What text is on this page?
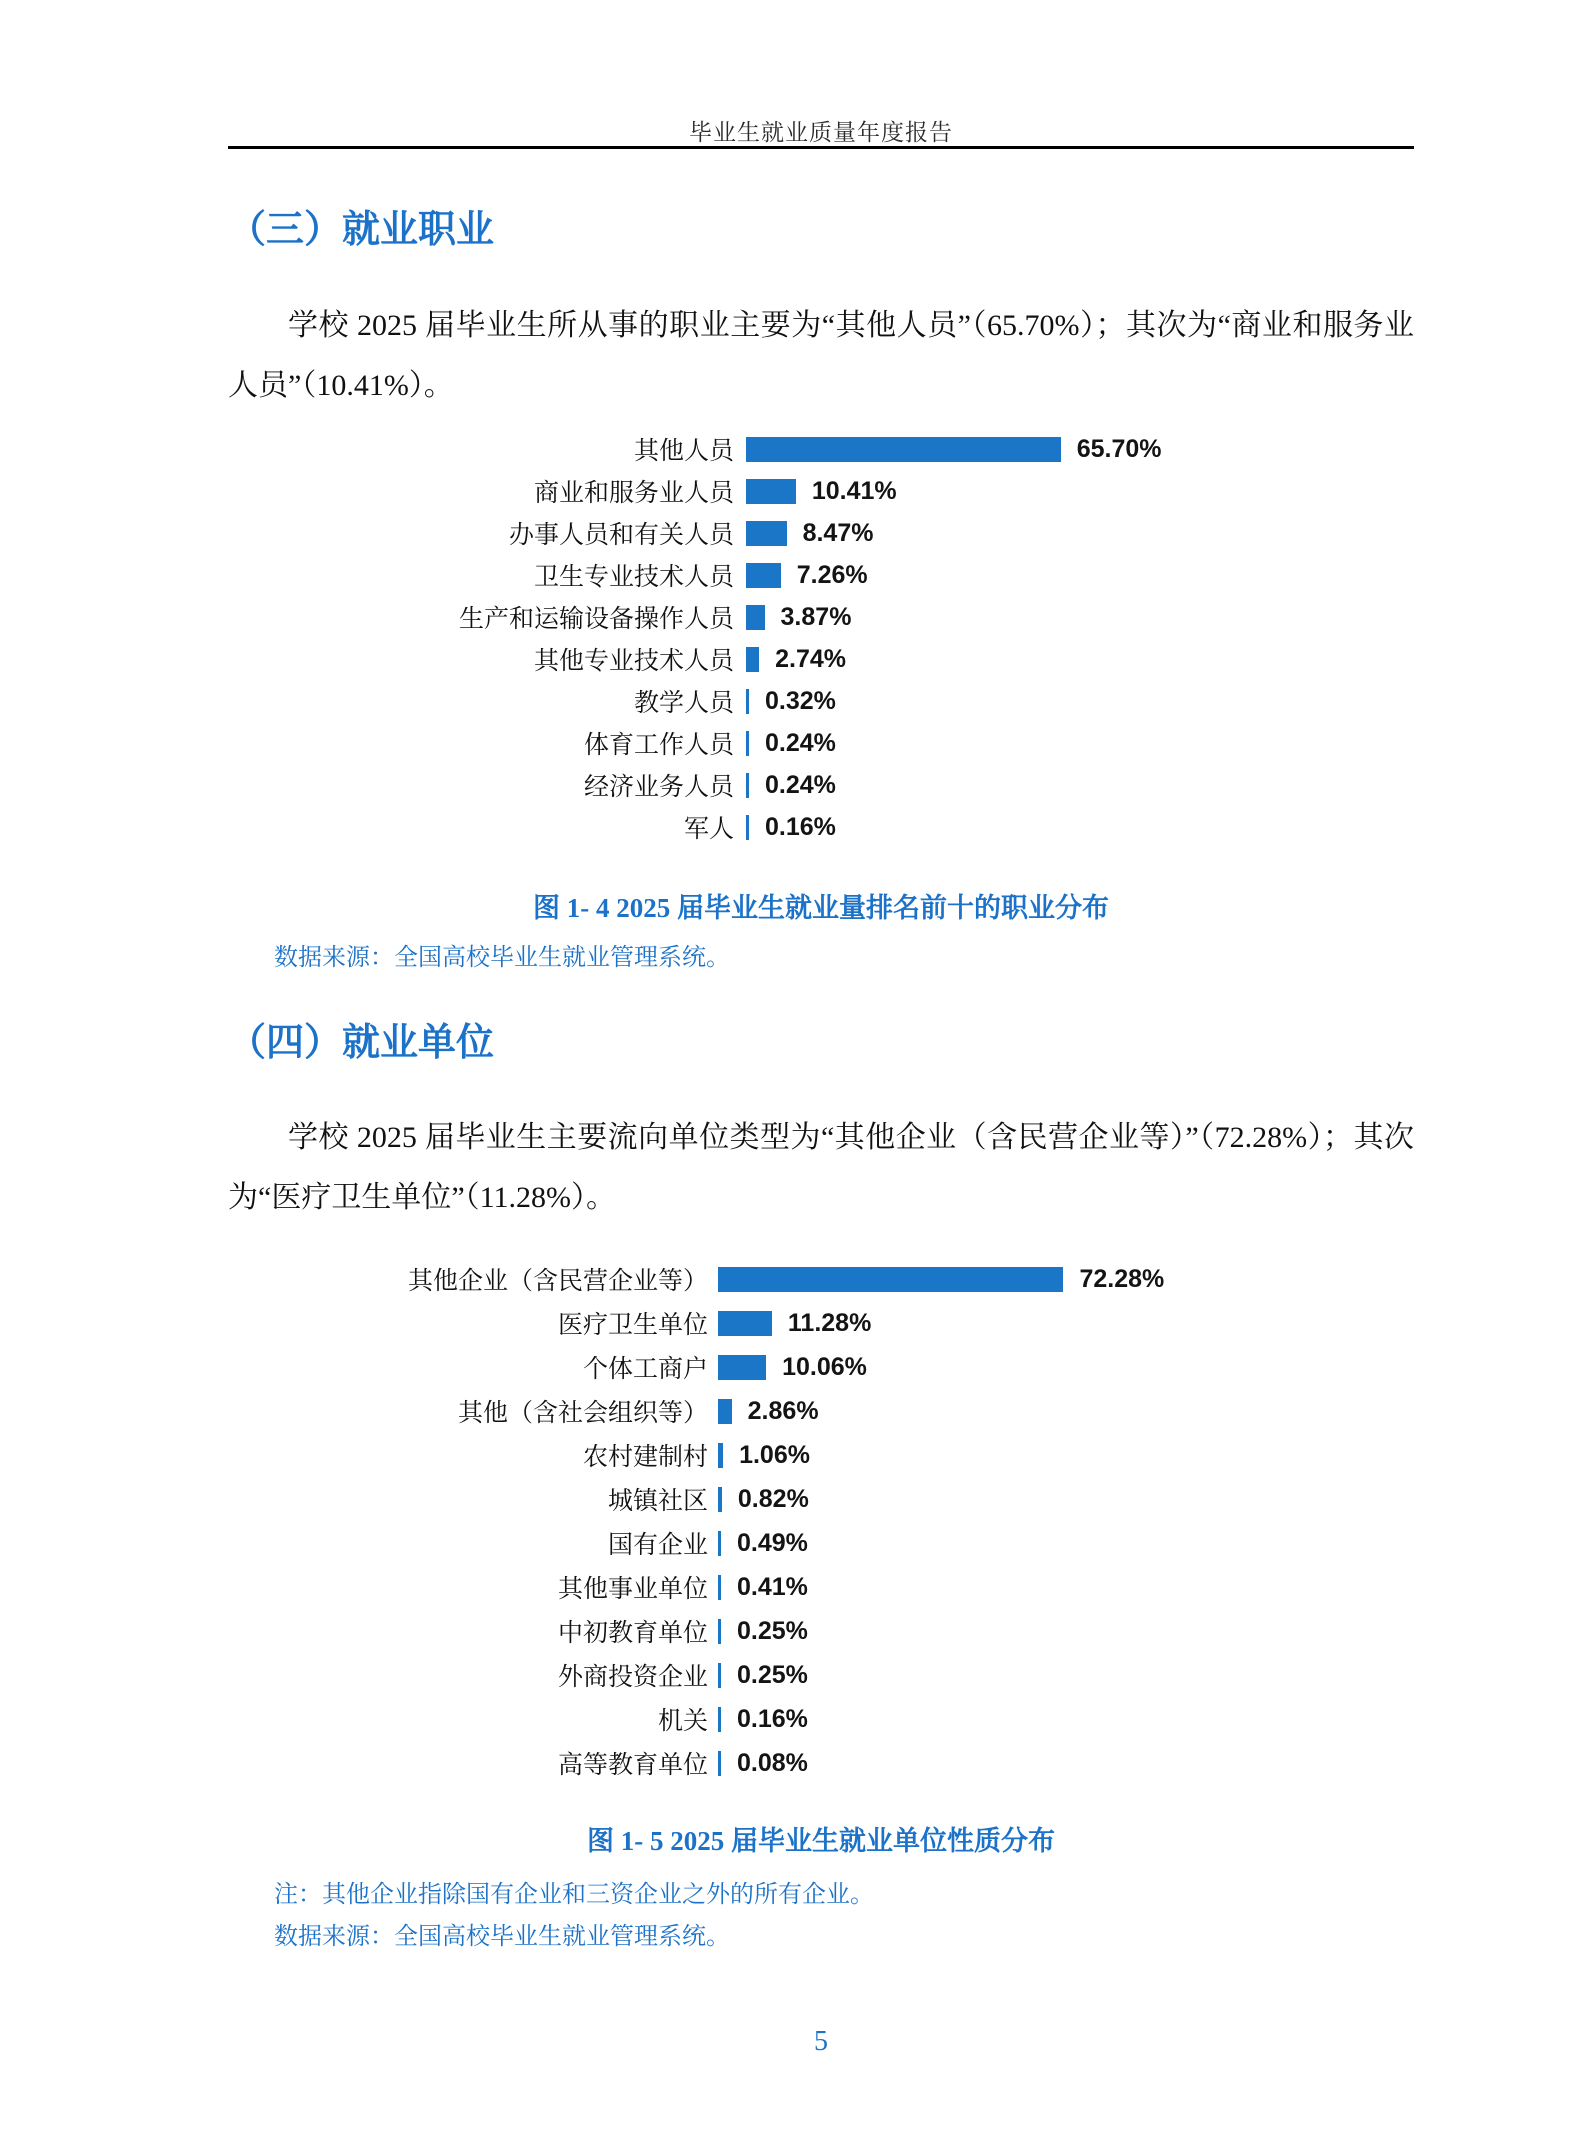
毕业生就业质量年度报告
（三）就业职业
学校 2025 届毕业生所从事的职业主要为“其他人员”（65.70%）；其次为“商业和服务业人员”（10.41%）。
其他人员	65.70%
商业和服务业人员	10.41%
办事人员和有关人员	8.47%
卫生专业技术人员	7.26%
生产和运输设备操作人员	3.87%
其他专业技术人员	2.74%
教学人员	0.32%
体育工作人员	0.24%
经济业务人员	0.24%
军人	0.16%
图 1- 4 2025 届毕业生就业量排名前十的职业分布
数据来源：全国高校毕业生就业管理系统。
（四）就业单位
学校 2025 届毕业生主要流向单位类型为“其他企业（含民营企业等）”（72.28%）；其次为“医疗卫生单位”（11.28%）。
其他企业（含民营企业等）	72.28%
医疗卫生单位	11.28%
个体工商户	10.06%
其他（含社会组织等）	2.86%
农村建制村	1.06%
城镇社区	0.82%
国有企业	0.49%
其他事业单位	0.41%
中初教育单位	0.25%
外商投资企业	0.25%
机关	0.16%
高等教育单位	0.08%
图 1- 5 2025 届毕业生就业单位性质分布
注：其他企业指除国有企业和三资企业之外的所有企业。
数据来源：全国高校毕业生就业管理系统。
5
